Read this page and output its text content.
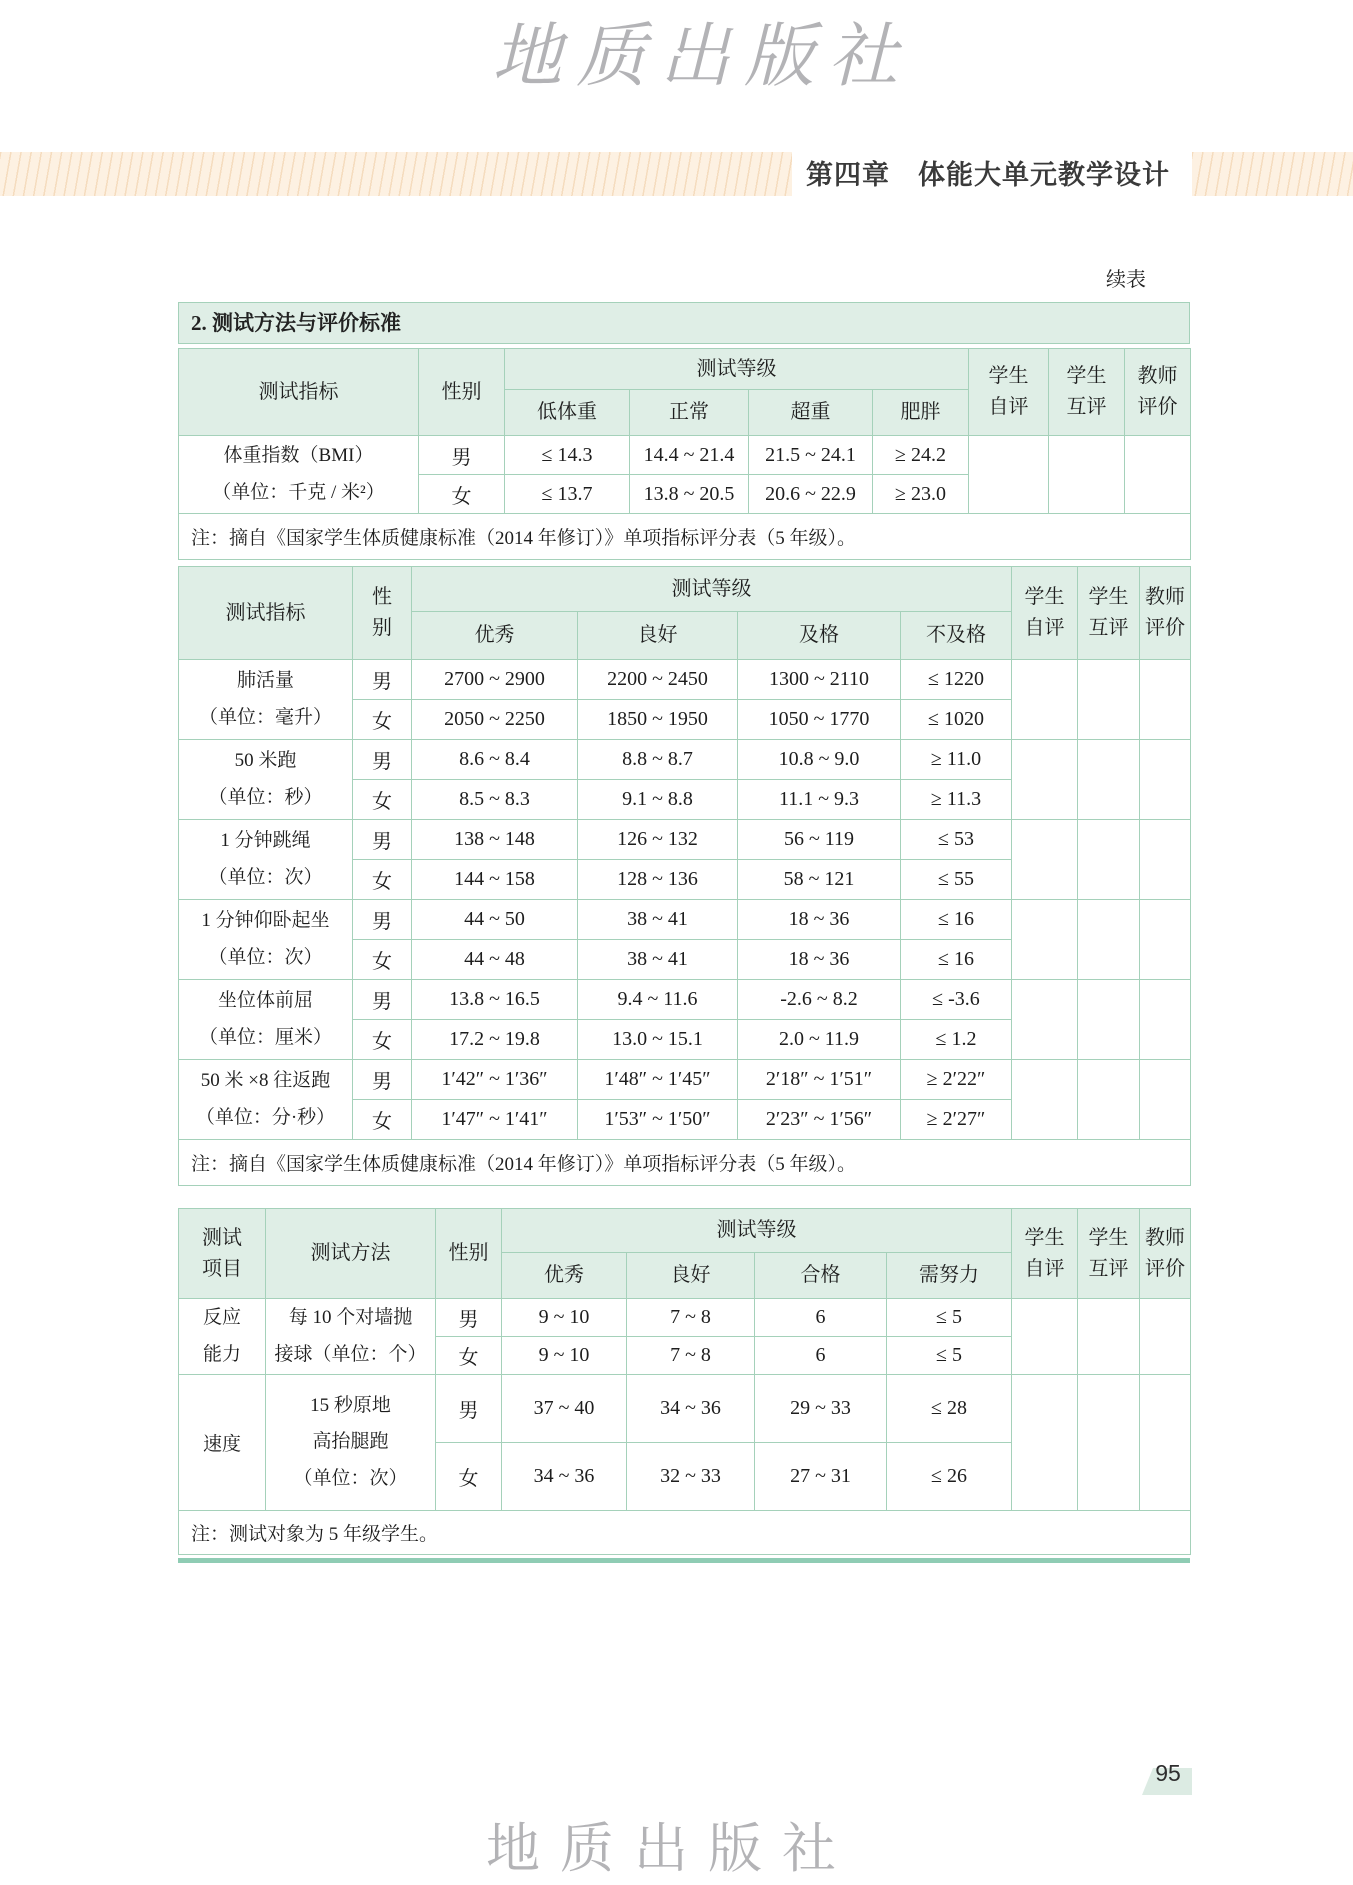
地质出版社
第四章　体能大单元教学设计
续表
2. 测试方法与评价标准
测试指标	性别	测试等级				学生自评	学生互评	教师评价
		低体重	正常	超重	肥胖			

体重指数（BMI）
（单位：千克 / 米²）	男	≤ 14.3	14.4 ~ 21.4	21.5 ~ 24.1	≥ 24.2			
	女	≤ 13.7	13.8 ~ 20.5	20.6 ~ 22.9	≥ 23.0			
注：摘自《国家学生体质健康标准（2014 年修订）》单项指标评分表（5 年级）。								
测试指标	性别	测试等级				学生自评	学生互评	教师评价
		优秀	良好	及格	不及格			

肺活量
（单位：毫升）	男	2700 ~ 2900	2200 ~ 2450	1300 ~ 2110	≤ 1220			
	女	2050 ~ 2250	1850 ~ 1950	1050 ~ 1770	≤ 1020			

50 米跑
（单位：秒）	男	8.6 ~ 8.4	8.8 ~ 8.7	10.8 ~ 9.0	≥ 11.0			
	女	8.5 ~ 8.3	9.1 ~ 8.8	11.1 ~ 9.3	≥ 11.3			

1 分钟跳绳
（单位：次）	男	138 ~ 148	126 ~ 132	56 ~ 119	≤ 53			
	女	144 ~ 158	128 ~ 136	58 ~ 121	≤ 55			

1 分钟仰卧起坐
（单位：次）	男	44 ~ 50	38 ~ 41	18 ~ 36	≤ 16			
	女	44 ~ 48	38 ~ 41	18 ~ 36	≤ 16			

坐位体前屈
（单位：厘米）	男	13.8 ~ 16.5	9.4 ~ 11.6	-2.6 ~ 8.2	≤ -3.6			
	女	17.2 ~ 19.8	13.0 ~ 15.1	2.0 ~ 11.9	≤ 1.2			

50 米 ×8 往返跑
（单位：分·秒）	男	1′42″ ~ 1′36″	1′48″ ~ 1′45″	2′18″ ~ 1′51″	≥ 2′22″			
	女	1′47″ ~ 1′41″	1′53″ ~ 1′50″	2′23″ ~ 1′56″	≥ 2′27″			
注：摘自《国家学生体质健康标准（2014 年修订）》单项指标评分表（5 年级）。								
测试项目	测试方法	性别	测试等级				学生自评	学生互评	教师评价
			优秀	良好	合格	需努力			
反应能力	每 10 个对墙抛
接球（单位：个）	男	9 ~ 10	7 ~ 8	6	≤ 5			
		女	9 ~ 10	7 ~ 8	6	≤ 5			
速度	15 秒原地
高抬腿跑
（单位：次）	男	37 ~ 40	34 ~ 36	29 ~ 33	≤ 28			
		女	34 ~ 36	32 ~ 33	27 ~ 31	≤ 26			
注：测试对象为 5 年级学生。									
95
地质出版社
